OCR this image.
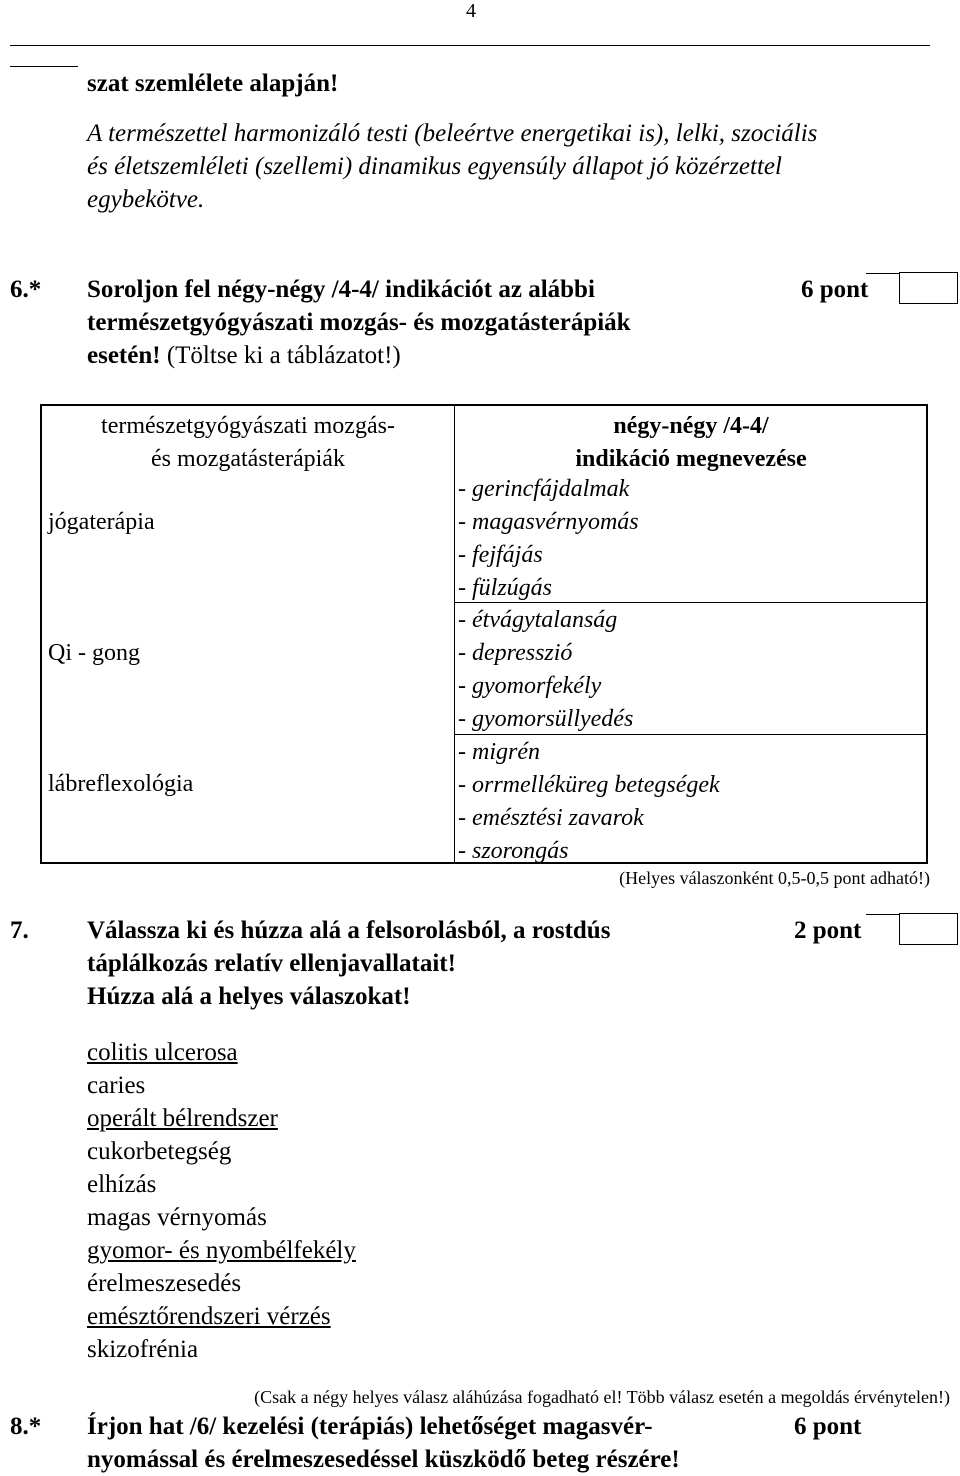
4
szat szemlélete alapján!
A természettel harmonizáló testi (beleértve energetikai is), lelki, szociális
és életszemléleti (szellemi) dinamikus egyensúly állapot jó közérzettel
egybekötve.
6.* Soroljon fel négy-négy /4-4/ indikációt az alábbi
természetgyógyászati mozgás- és mozgatásterápiák
esetén! (Töltse ki a táblázatot!)
6 pont
természetgyógyászati mozgás-
és mozgatásterápiák
négy-négy /4-4/
indikáció megnevezése
jógaterápia
Qi - gong
lábreflexológia
- gerincfájdalmak
- magasvérnyomás
- fejfájás
- fülzúgás
- étvágytalanság
- depresszió
- gyomorfekély
- gyomorsüllyedés
- migrén
- orrmelléküreg betegségek
- emésztési zavarok
- szorongás
(Helyes válaszonként 0,5-0,5 pont adható!)
7. Válassza ki és húzza alá a felsorolásból, a rostdús
táplálkozás relatív ellenjavallatait!
Húzza alá a helyes válaszokat!
2 pont
colitis ulcerosa
caries
operált bélrendszer
cukorbetegség
elhízás
magas vérnyomás
gyomor- és nyombélfekély
érelmeszesedés
emésztőrendszeri vérzés
skizofrénia
(Csak a négy helyes válasz aláhúzása fogadható el! Több válasz esetén a megoldás érvénytelen!)
8.* Írjon hat /6/ kezelési (terápiás) lehetőséget magasvér-
nyomással és érelmeszesedéssel küszködő beteg részére!
6 pont
